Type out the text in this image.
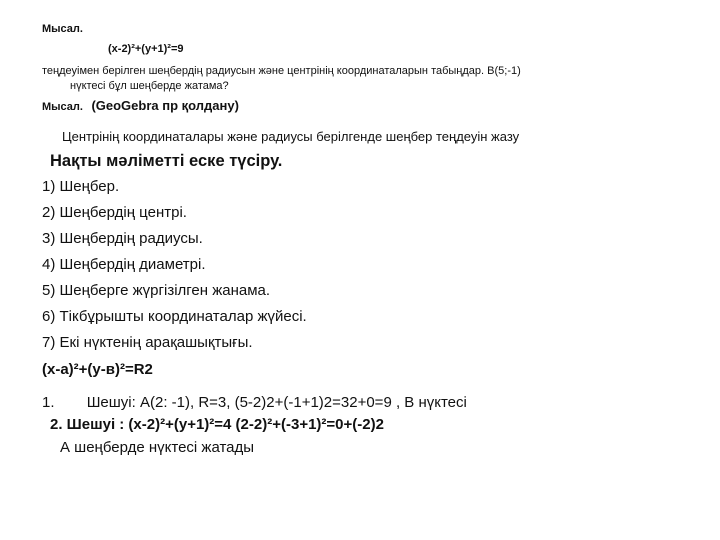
Мысал.
(x-2)²+(y+1)²=9
теңдеуімен берілген шеңбердің радиусын және центрінің координаталарын табыңдар. В(5;-1)
нүктесі бұл шеңберде жатама?
Мысал. (GeoGebra пр қолдану)
Центрінің координаталары және радиусы берілгенде шеңбер теңдеуін жазу
Нақты мәліметті еске түсіру.
1) Шеңбер.
2) Шеңбердің центрі.
3) Шеңбердің радиусы.
4) Шеңбердің диаметрі.
5) Шеңберге жүргізілген жанама.
6) Тікбұрышты координаталар жүйесі.
7) Екі нүктенің арақашықтығы.
(x-a)²+(y-в)²=R2
1. Шешуі: A(2: -1), R=3, (5-2)2+(-1+1)2=32+0=9 , В нүктесі
2. Шешуі : (x-2)²+(y+1)²=4 (2-2)²+(-3+1)²=0+(-2)2
А шеңберде нүктесі жатады
